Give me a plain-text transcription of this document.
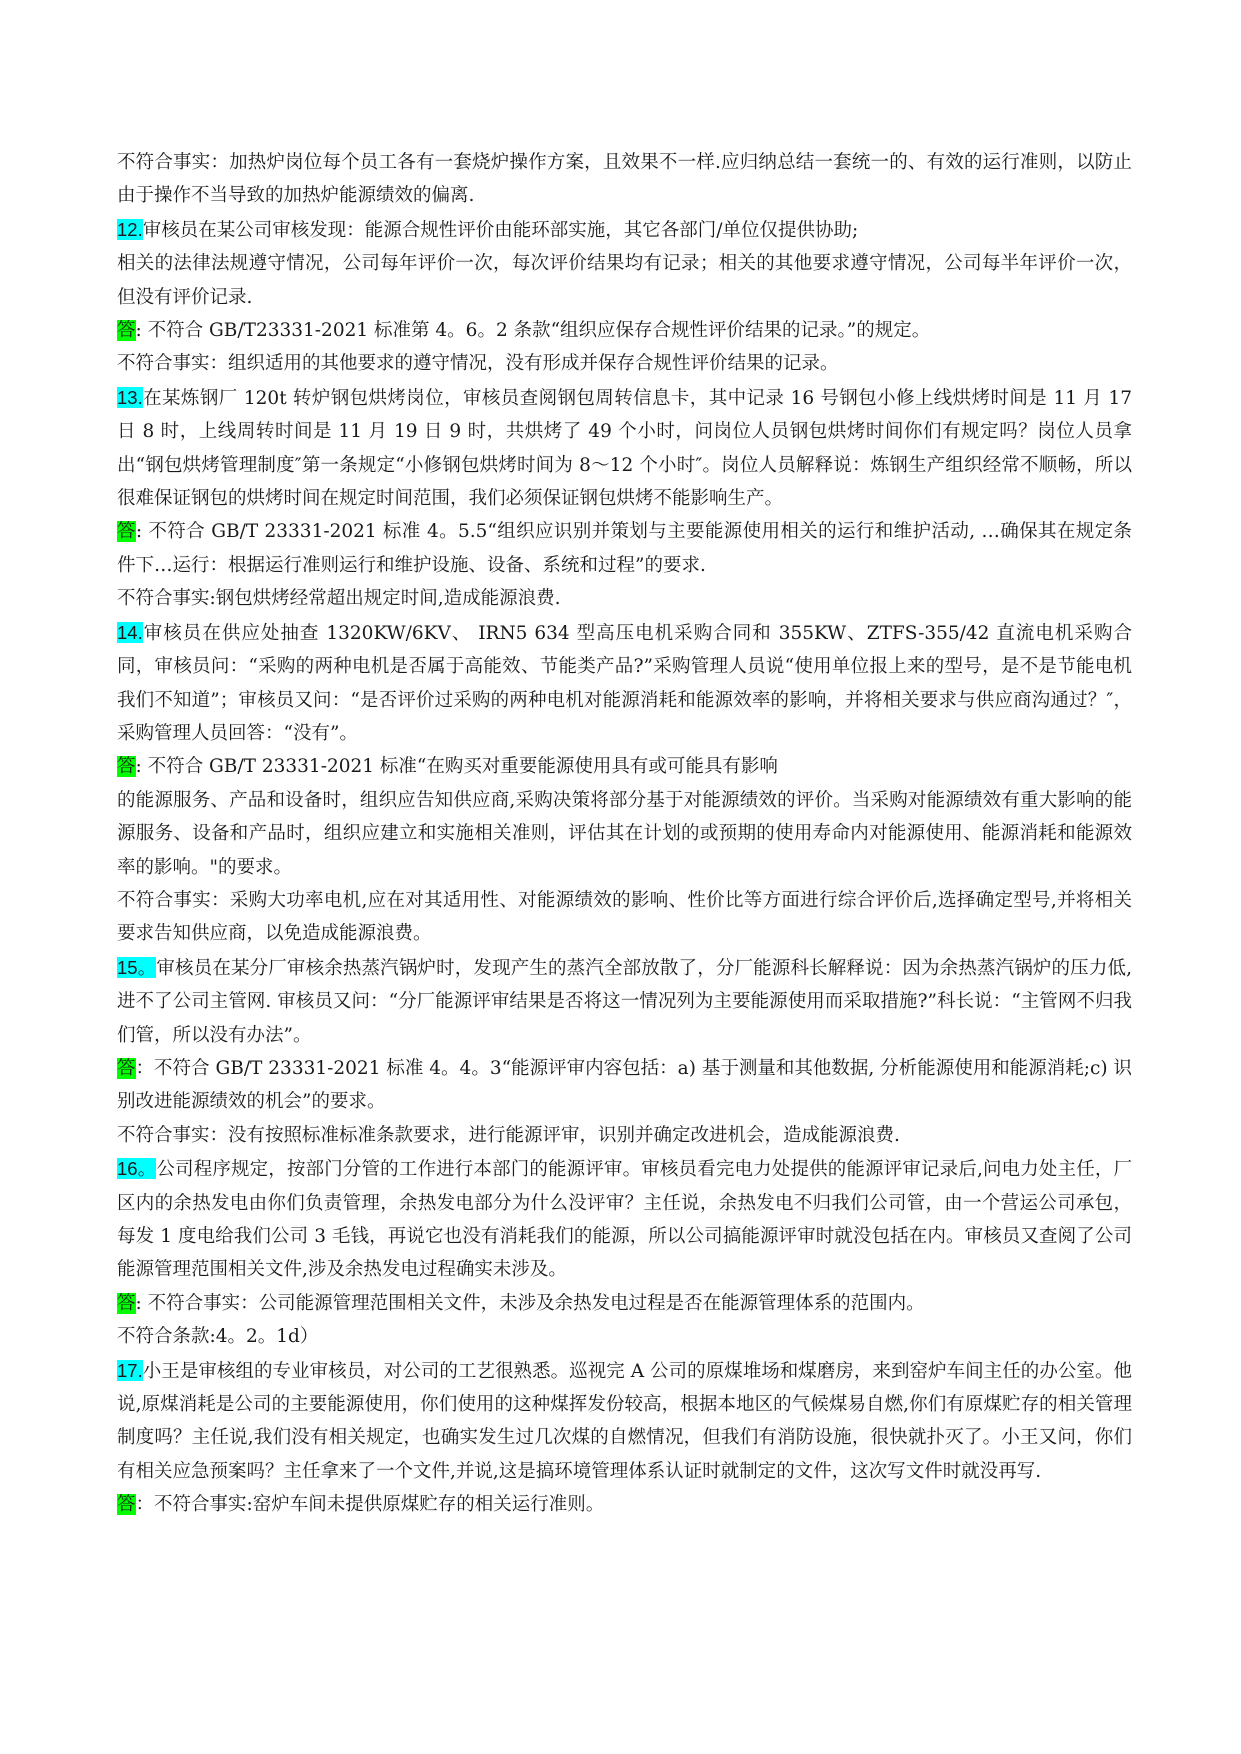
不符合事实：加热炉岗位每个员工各有一套烧炉操作方案，且效果不一样.应归纳总结一套统一的、有效的运行准则，以防止由于操作不当导致的加热炉能源绩效的偏离.

12.审核员在某公司审核发现：能源合规性评价由能环部实施，其它各部门/单位仅提供协助;

相关的法律法规遵守情况，公司每年评价一次，每次评价结果均有记录；相关的其他要求遵守情况，公司每半年评价一次，但没有评价记录.

答: 不符合 GB/T23331-2021 标准第 4。6。2 条款“组织应保存合规性评价结果的记录。”的规定。

不符合事实：组织适用的其他要求的遵守情况，没有形成并保存合规性评价结果的记录。

13.在某炼钢厂 120t 转炉钢包烘烤岗位，审核员查阅钢包周转信息卡，其中记录 16 号钢包小修上线烘烤时间是 11 月 17 日 8 时，上线周转时间是 11 月 19 日 9 时，共烘烤了 49 个小时，问岗位人员钢包烘烤时间你们有规定吗？岗位人员拿出“钢包烘烤管理制度″第一条规定“小修钢包烘烤时间为 8～12 个小时″。岗位人员解释说：炼钢生产组织经常不顺畅，所以很难保证钢包的烘烤时间在规定时间范围，我们必须保证钢包烘烤不能影响生产。

答: 不符合 GB/T 23331-2021 标准 4。5.5“组织应识别并策划与主要能源使用相关的运行和维护活动, …确保其在规定条件下…运行：根据运行准则运行和维护设施、设备、系统和过程”的要求.

不符合事实:钢包烘烤经常超出规定时间,造成能源浪费.

14.审核员在供应处抽查 1320KW/6KV、 IRN5 634 型高压电机采购合同和 355KW、ZTFS-355/42 直流电机采购合同，审核员问：“采购的两种电机是否属于高能效、节能类产品?”采购管理人员说“使用单位报上来的型号，是不是节能电机我们不知道”；审核员又问：“是否评价过采购的两种电机对能源消耗和能源效率的影响，并将相关要求与供应商沟通过？″，采购管理人员回答：“没有”。

答: 不符合 GB/T 23331-2021 标准“在购买对重要能源使用具有或可能具有影响

的能源服务、产品和设备时，组织应告知供应商,采购决策将部分基于对能源绩效的评价。当采购对能源绩效有重大影响的能源服务、设备和产品时，组织应建立和实施相关准则，评估其在计划的或预期的使用寿命内对能源使用、能源消耗和能源效率的影响。"的要求。

不符合事实：采购大功率电机,应在对其适用性、对能源绩效的影响、性价比等方面进行综合评价后,选择确定型号,并将相关要求告知供应商，以免造成能源浪费。

15。审核员在某分厂审核余热蒸汽锅炉时，发现产生的蒸汽全部放散了，分厂能源科长解释说：因为余热蒸汽锅炉的压力低,进不了公司主管网. 审核员又问：“分厂能源评审结果是否将这一情况列为主要能源使用而采取措施?”科长说：“主管网不归我们管，所以没有办法”。

答：不符合 GB/T 23331-2021 标准 4。4。3“能源评审内容包括：a) 基于测量和其他数据, 分析能源使用和能源消耗;c) 识别改进能源绩效的机会”的要求。

不符合事实：没有按照标准标准条款要求，进行能源评审，识别并确定改进机会，造成能源浪费.

16。公司程序规定，按部门分管的工作进行本部门的能源评审。审核员看完电力处提供的能源评审记录后,问电力处主任，厂区内的余热发电由你们负责管理，余热发电部分为什么没评审？主任说，余热发电不归我们公司管，由一个营运公司承包，每发 1 度电给我们公司 3 毛钱，再说它也没有消耗我们的能源，所以公司搞能源评审时就没包括在内。审核员又查阅了公司能源管理范围相关文件,涉及余热发电过程确实未涉及。

答: 不符合事实：公司能源管理范围相关文件，未涉及余热发电过程是否在能源管理体系的范围内。

不符合条款:4。2。1d）

17.小王是审核组的专业审核员，对公司的工艺很熟悉。巡视完 A 公司的原煤堆场和煤磨房，来到窑炉车间主任的办公室。他说,原煤消耗是公司的主要能源使用，你们使用的这种煤挥发份较高，根据本地区的气候煤易自燃,你们有原煤贮存的相关管理制度吗？主任说,我们没有相关规定，也确实发生过几次煤的自燃情况，但我们有消防设施，很快就扑灭了。小王又问，你们有相关应急预案吗？主任拿来了一个文件,并说,这是搞环境管理体系认证时就制定的文件，这次写文件时就没再写.

答：不符合事实:窑炉车间未提供原煤贮存的相关运行准则。
